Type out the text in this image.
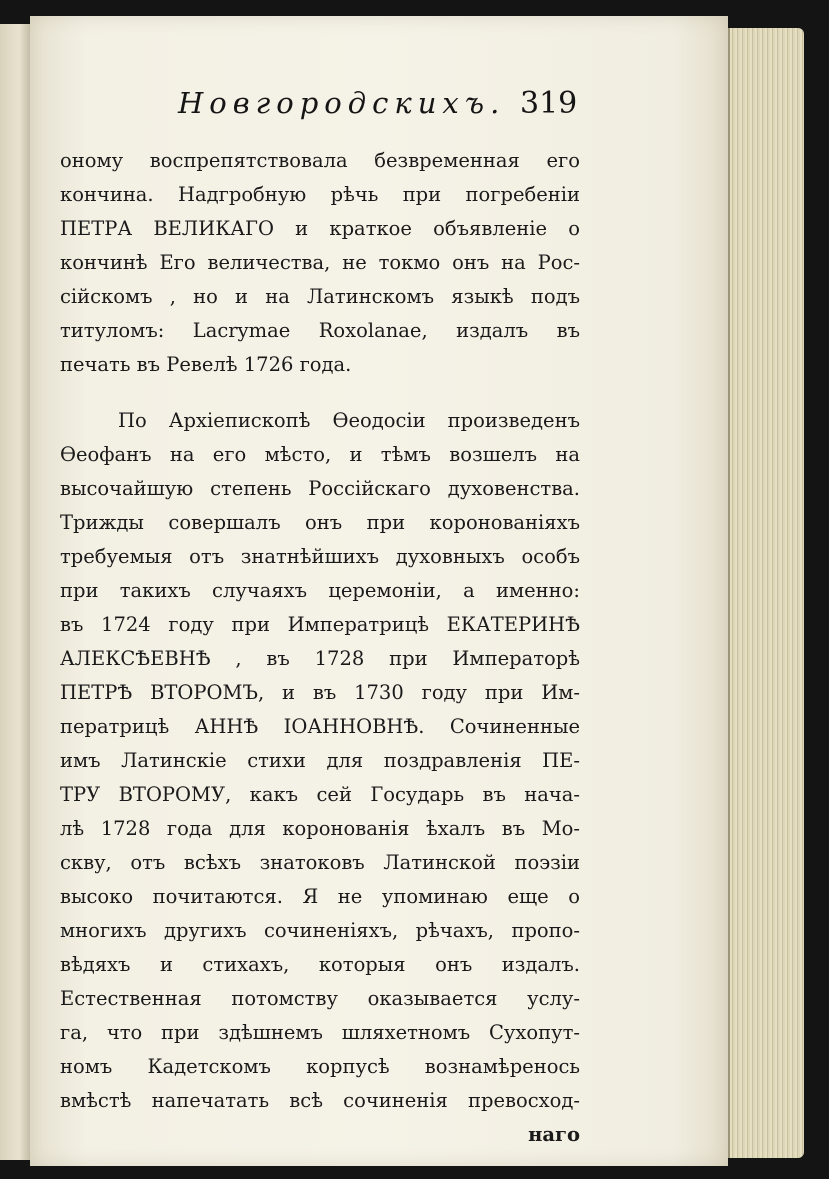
Новгородскихъ. 319
оному воспрепятствовала безвременная его
кончина. Надгробную рѣчь при погребеніи
ПЕТРА ВЕЛИКАГО и краткое объявленіе о
кончинѣ Его величества, не токмо онъ на Рос-
сійскомъ , но и на Латинскомъ языкѣ подъ
титуломъ: Lacrymae Roxolanae, издалъ въ
печать въ Ревелѣ 1726 года.
По Архіепископѣ Ѳеодосіи произведенъ
Ѳеофанъ на его мѣсто, и тѣмъ возшелъ на
высочайшую степень Россійскаго духовенства.
Трижды совершалъ онъ при коронованіяхъ
требуемыя отъ знатнѣйшихъ духовныхъ особъ
при такихъ случаяхъ церемоніи, а именно:
въ 1724 году при Императрицѣ ЕКАТЕРИНѢ
АЛЕКСѢЕВНѢ , въ 1728 при Императорѣ
ПЕТРѢ ВТОРОМЪ, и въ 1730 году при Им-
ператрицѣ АННѢ ІОАННОВНѢ. Сочиненные
имъ Латинскіе стихи для поздравленія ПЕ-
ТРУ ВТОРОМУ, какъ сей Государь въ нача-
лѣ 1728 года для коронованія ѣхалъ въ Мо-
скву, отъ всѣхъ знатоковъ Латинской поэзіи
высоко почитаются. Я не упоминаю еще о
многихъ другихъ сочиненіяхъ, рѣчахъ, пропо-
вѣдяхъ и стихахъ, которыя онъ издалъ.
Естественная потомству оказывается услу-
га, что при здѣшнемъ шляхетномъ Сухопут-
номъ Кадетскомъ корпусѣ вознамѣренось
вмѣстѣ напечатать всѣ сочиненія превосход-
наго
